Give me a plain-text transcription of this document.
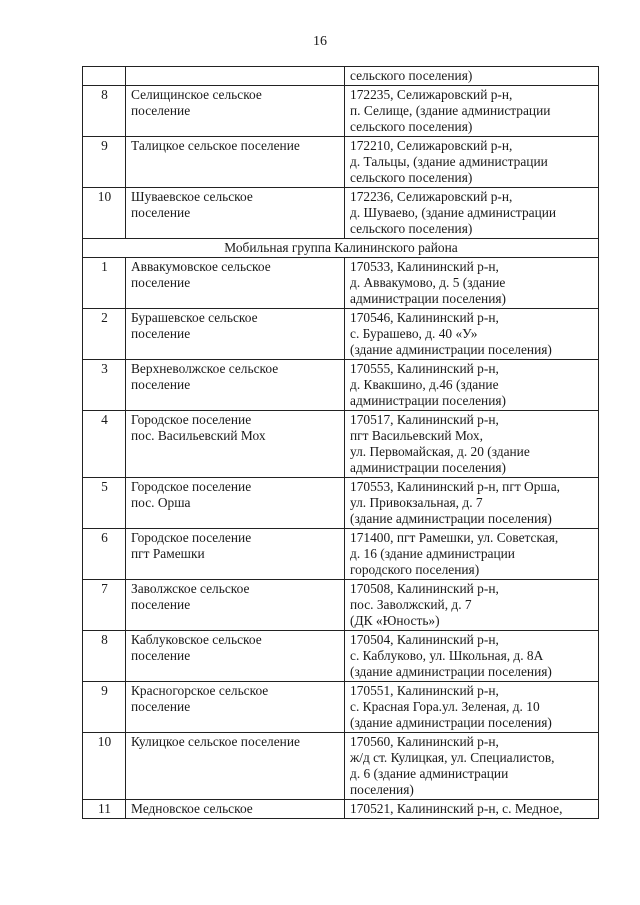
16
		сельского поселения)
8	Селищинское сельское
поселение	172235, Селижаровский р-н,
п. Селище, (здание администрации
сельского поселения)
9	Талицкое сельское поселение	172210, Селижаровский р-н,
д. Тальцы, (здание администрации
сельского поселения)
10	Шуваевское сельское
поселение	172236, Селижаровский р-н,
д. Шуваево, (здание администрации
сельского поселения)
Мобильная группа Калининского района		
1	Аввакумовское сельское
поселение	170533, Калининский р-н,
д. Аввакумово, д. 5 (здание
администрации поселения)
2	Бурашевское сельское
поселение	170546, Калининский р-н,
с. Бурашево, д. 40 «У»
(здание администрации поселения)
3	Верхневолжское сельское
поселение	170555, Калининский р-н,
д. Квакшино, д.46 (здание
администрации поселения)
4	Городское поселение
пос. Васильевский Мох	170517, Калининский р-н,
пгт Васильевский Мох,
ул. Первомайская, д. 20 (здание
администрации поселения)
5	Городское поселение
пос. Орша	170553, Калининский р-н, пгт Орша,
ул. Привокзальная, д. 7
(здание администрации поселения)
6	Городское поселение
пгт Рамешки	171400, пгт Рамешки, ул. Советская,
д. 16 (здание администрации
городского поселения)
7	Заволжское сельское
поселение	170508, Калининский р-н,
пос. Заволжский, д. 7
(ДК «Юность»)
8	Каблуковское сельское
поселение	170504, Калининский р-н,
с. Каблуково, ул. Школьная, д. 8А
(здание администрации поселения)
9	Красногорское сельское
поселение	170551, Калининский р-н,
с. Красная Гора.ул. Зеленая, д. 10
(здание администрации поселения)
10	Кулицкое сельское поселение	170560, Калининский р-н,
ж/д ст. Кулицкая, ул. Специалистов,
д. 6 (здание администрации
поселения)
11	Медновское сельское	170521, Калининский р-н, с. Медное,
